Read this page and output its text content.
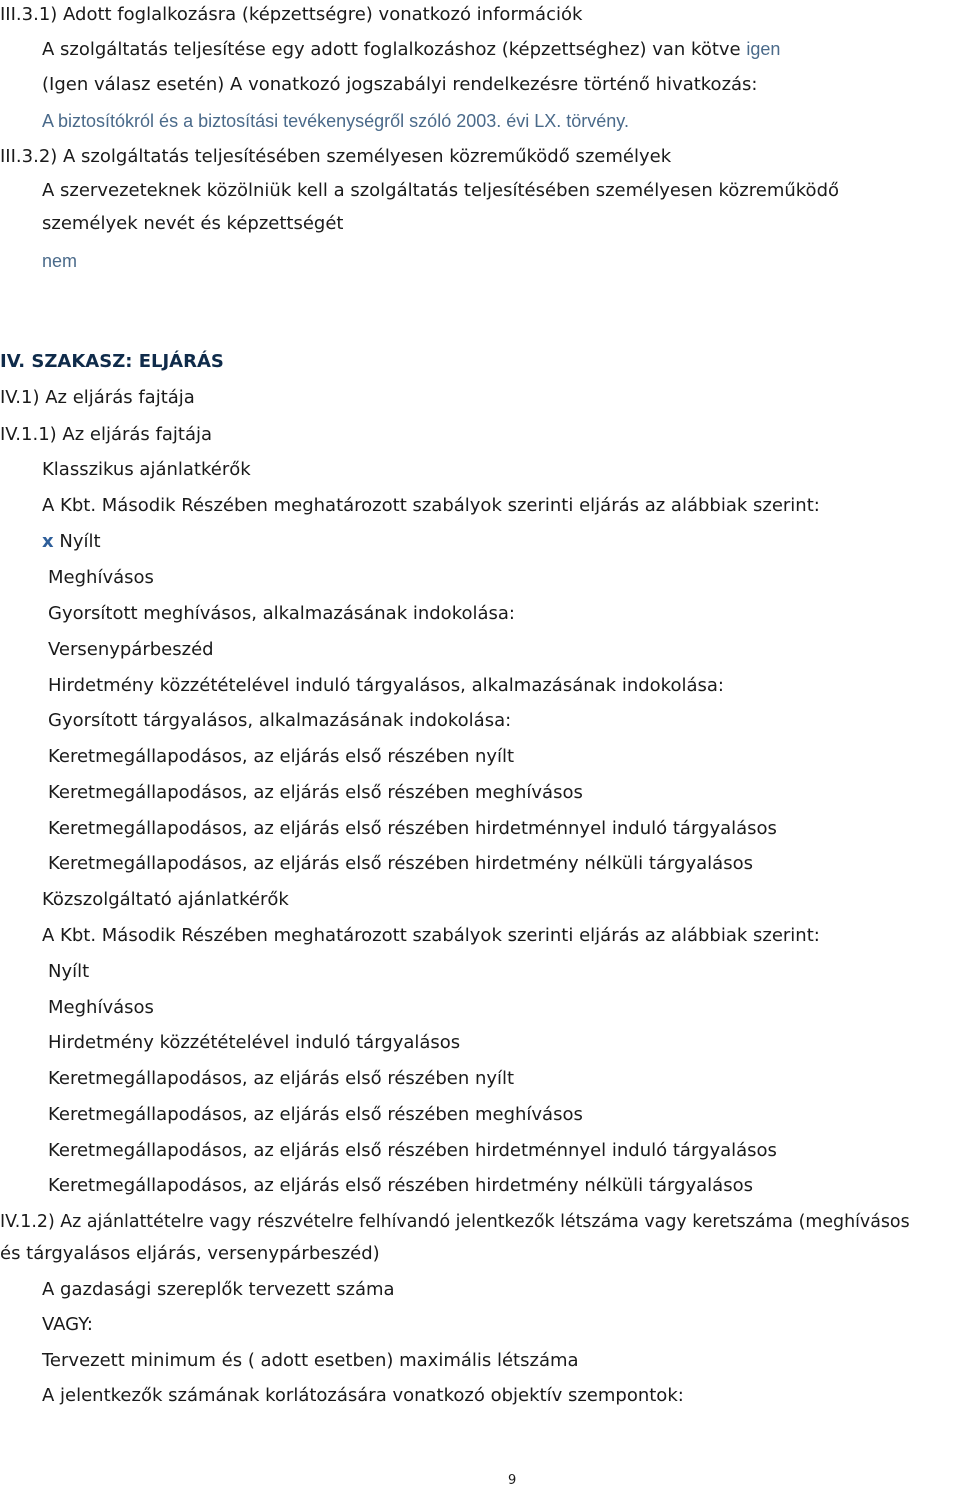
III.3.1) Adott foglalkozásra (képzettségre) vonatkozó információk
A szolgáltatás teljesítése egy adott foglalkozáshoz (képzettséghez) van kötve igen
(Igen válasz esetén) A vonatkozó jogszabályi rendelkezésre történő hivatkozás:
A biztosítókról és a biztosítási tevékenységről szóló 2003. évi LX. törvény.
III.3.2) A szolgáltatás teljesítésében személyesen közreműködő személyek
A szervezeteknek közölniük kell a szolgáltatás teljesítésében személyesen közreműködő
személyek nevét és képzettségét
nem
IV. SZAKASZ: ELJÁRÁS
IV.1) Az eljárás fajtája
IV.1.1) Az eljárás fajtája
Klasszikus ajánlatkérők
A Kbt. Második Részében meghatározott szabályok szerinti eljárás az alábbiak szerint:
x Nyílt
Meghívásos
Gyorsított meghívásos, alkalmazásának indokolása:
Versenypárbeszéd
Hirdetmény közzétételével induló tárgyalásos, alkalmazásának indokolása:
Gyorsított tárgyalásos, alkalmazásának indokolása:
Keretmegállapodásos, az eljárás első részében nyílt
Keretmegállapodásos, az eljárás első részében meghívásos
Keretmegállapodásos, az eljárás első részében hirdetménnyel induló tárgyalásos
Keretmegállapodásos, az eljárás első részében hirdetmény nélküli tárgyalásos
Közszolgáltató ajánlatkérők
A Kbt. Második Részében meghatározott szabályok szerinti eljárás az alábbiak szerint:
Nyílt
Meghívásos
Hirdetmény közzétételével induló tárgyalásos
Keretmegállapodásos, az eljárás első részében nyílt
Keretmegállapodásos, az eljárás első részében meghívásos
Keretmegállapodásos, az eljárás első részében hirdetménnyel induló tárgyalásos
Keretmegállapodásos, az eljárás első részében hirdetmény nélküli tárgyalásos
IV.1.2) Az ajánlattételre vagy részvételre felhívandó jelentkezők létszáma vagy keretszáma (meghívásos
és tárgyalásos eljárás, versenypárbeszéd)
A gazdasági szereplők tervezett száma
VAGY:
Tervezett minimum és ( adott esetben) maximális létszáma
A jelentkezők számának korlátozására vonatkozó objektív szempontok:
9
